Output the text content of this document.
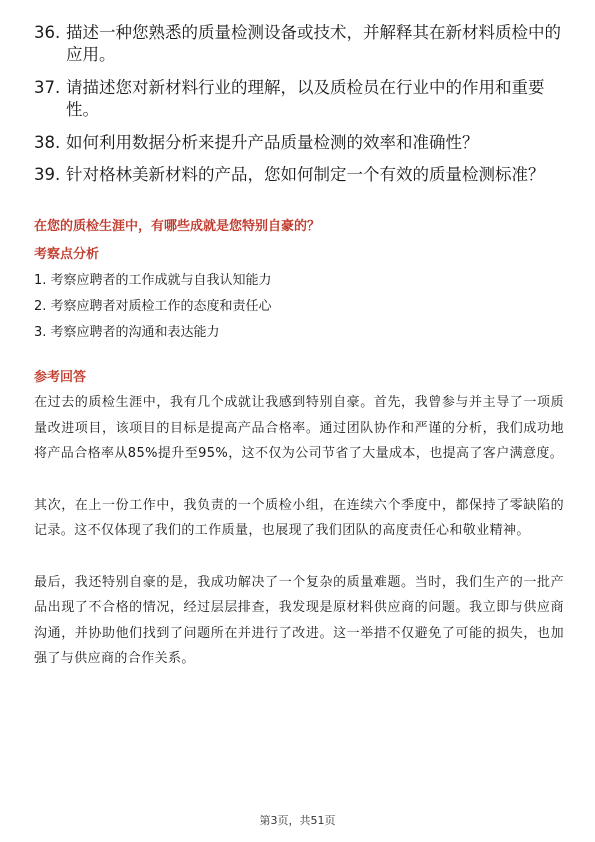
36. 描述一种您熟悉的质量检测设备或技术，并解释其在新材料质检中的应用。
37. 请描述您对新材料行业的理解，以及质检员在行业中的作用和重要性。
38. 如何利用数据分析来提升产品质量检测的效率和准确性？
39. 针对格林美新材料的产品，您如何制定一个有效的质量检测标准？
在您的质检生涯中，有哪些成就是您特别自豪的？
考察点分析
1. 考察应聘者的工作成就与自我认知能力
2. 考察应聘者对质检工作的态度和责任心
3. 考察应聘者的沟通和表达能力
参考回答

在过去的质检生涯中，我有几个成就让我感到特别自豪。首先，我曾参与并主导了一项质量改进项目，该项目的目标是提高产品合格率。通过团队协作和严谨的分析，我们成功地将产品合格率从85%提升至95%，这不仅为公司节省了大量成本，也提高了客户满意度。

其次，在上一份工作中，我负责的一个质检小组，在连续六个季度中，都保持了零缺陷的记录。这不仅体现了我们的工作质量，也展现了我们团队的高度责任心和敬业精神。

最后，我还特别自豪的是，我成功解决了一个复杂的质量难题。当时，我们生产的一批产品出现了不合格的情况，经过层层排查，我发现是原材料供应商的问题。我立即与供应商沟通，并协助他们找到了问题所在并进行了改进。这一举措不仅避免了可能的损失，也加强了与供应商的合作关系。

第3页，共51页
